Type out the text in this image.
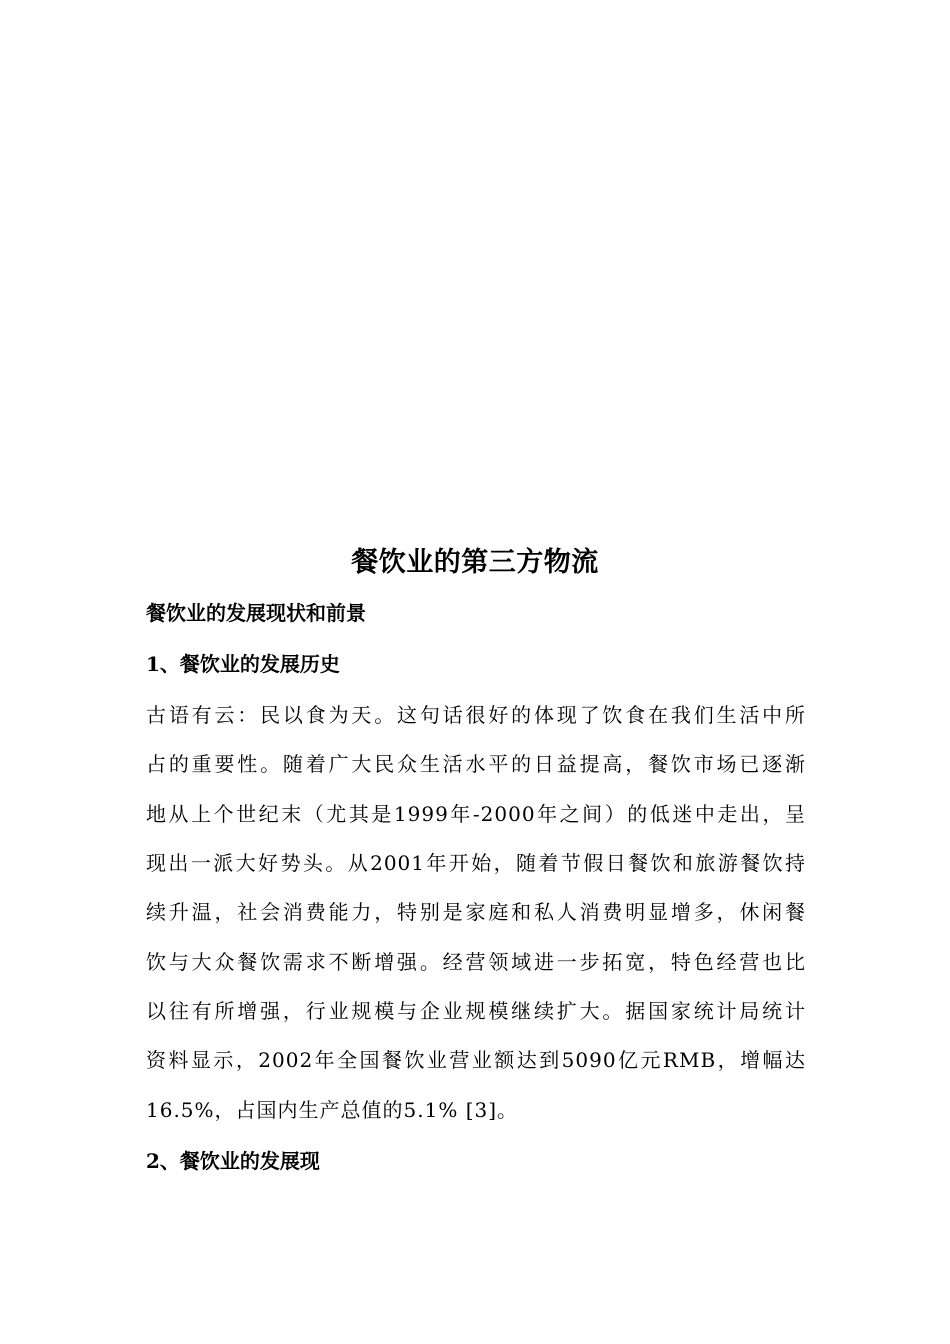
餐饮业的第三方物流
餐饮业的发展现状和前景
1、餐饮业的发展历史
古语有云：民以食为天。这句话很好的体现了饮食在我们生活中所
占的重要性。随着广大民众生活水平的日益提高，餐饮市场已逐渐
地从上个世纪末（尤其是1999年-2000年之间）的低迷中走出，呈
现出一派大好势头。从2001年开始，随着节假日餐饮和旅游餐饮持
续升温，社会消费能力，特别是家庭和私人消费明显增多，休闲餐
饮与大众餐饮需求不断增强。经营领域进一步拓宽，特色经营也比
以往有所增强，行业规模与企业规模继续扩大。据国家统计局统计
资料显示，2002年全国餐饮业营业额达到5090亿元RMB，增幅达
16.5%，占国内生产总值的5.1% [3]。
2、餐饮业的发展现
